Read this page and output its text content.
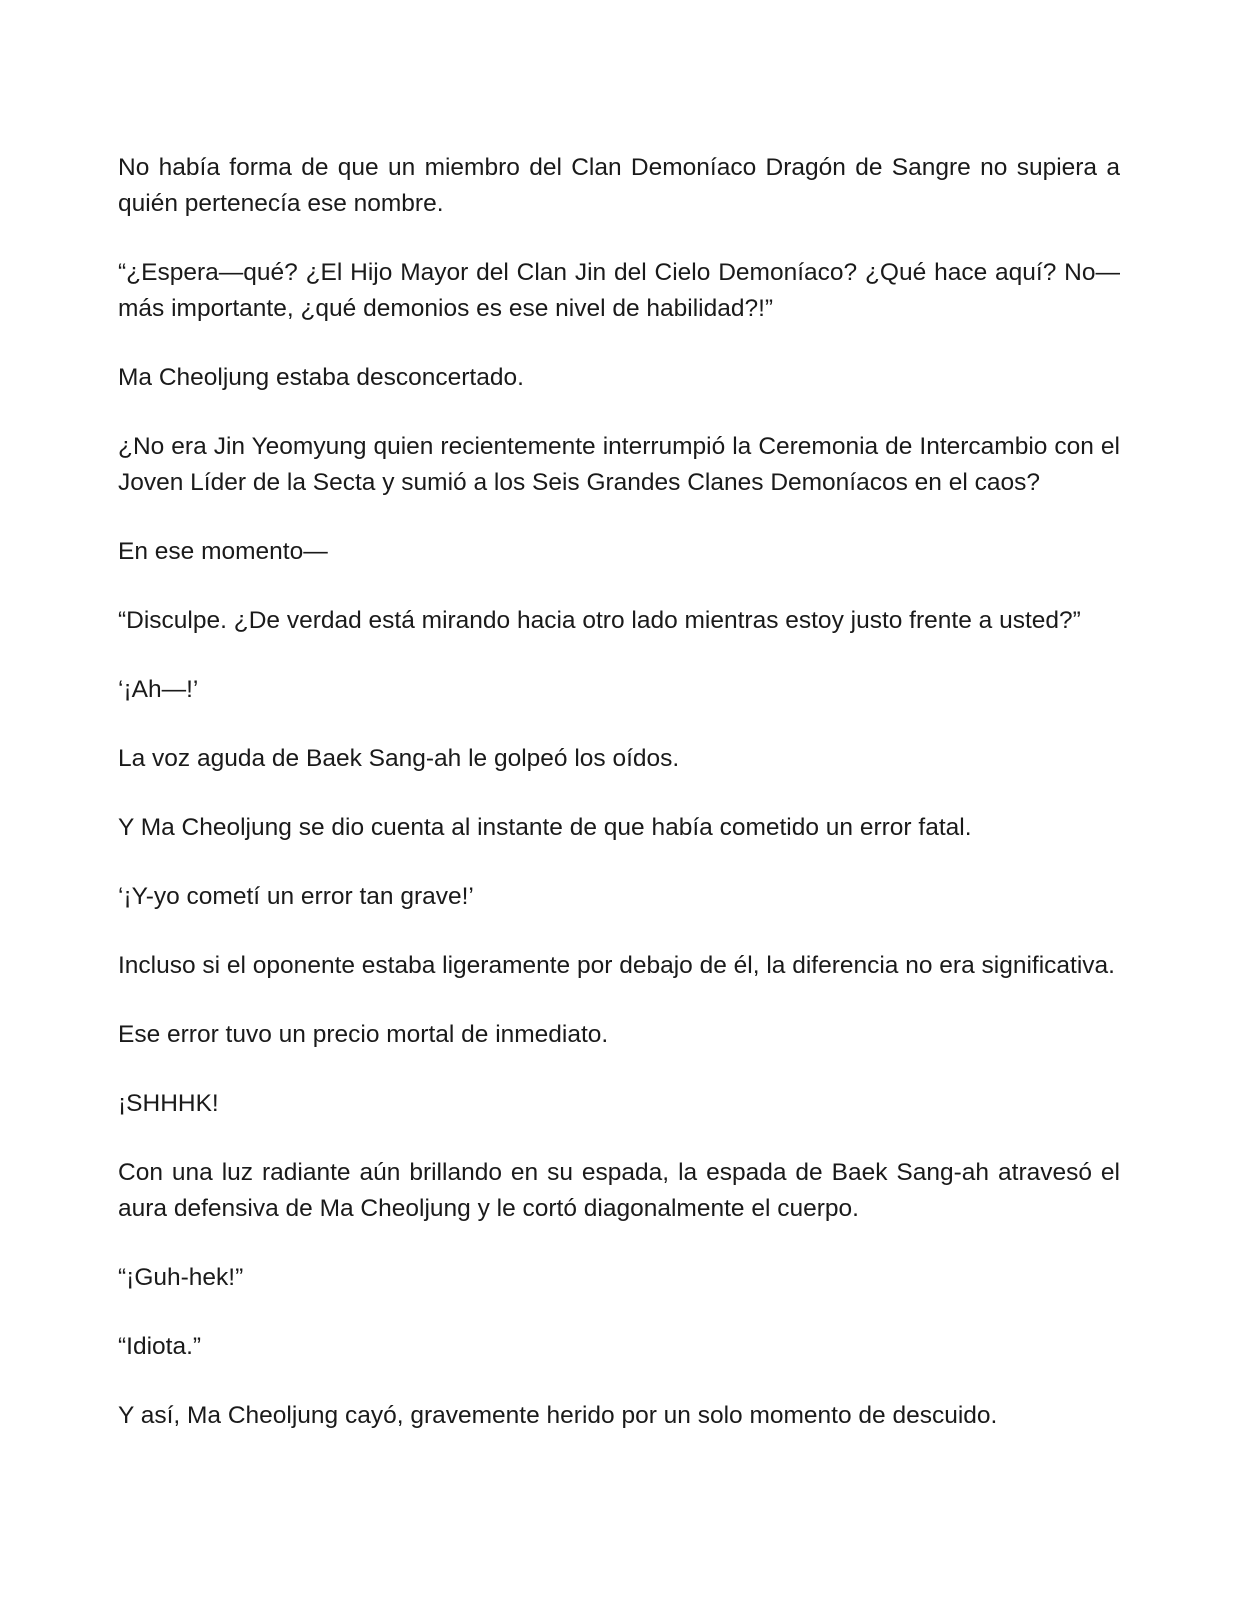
No había forma de que un miembro del Clan Demoníaco Dragón de Sangre no supiera a quién pertenecía ese nombre.

“¿Espera—qué? ¿El Hijo Mayor del Clan Jin del Cielo Demoníaco? ¿Qué hace aquí? No—más importante, ¿qué demonios es ese nivel de habilidad?!”

Ma Cheoljung estaba desconcertado.

¿No era Jin Yeomyung quien recientemente interrumpió la Ceremonia de Intercambio con el Joven Líder de la Secta y sumió a los Seis Grandes Clanes Demoníacos en el caos?

En ese momento—

“Disculpe. ¿De verdad está mirando hacia otro lado mientras estoy justo frente a usted?”

‘¡Ah—!’

La voz aguda de Baek Sang-ah le golpeó los oídos.

Y Ma Cheoljung se dio cuenta al instante de que había cometido un error fatal.

‘¡Y-yo cometí un error tan grave!’

Incluso si el oponente estaba ligeramente por debajo de él, la diferencia no era significativa.

Ese error tuvo un precio mortal de inmediato.

¡SHHHK!

Con una luz radiante aún brillando en su espada, la espada de Baek Sang-ah atravesó el aura defensiva de Ma Cheoljung y le cortó diagonalmente el cuerpo.

“¡Guh-hek!”

“Idiota.”

Y así, Ma Cheoljung cayó, gravemente herido por un solo momento de descuido.
